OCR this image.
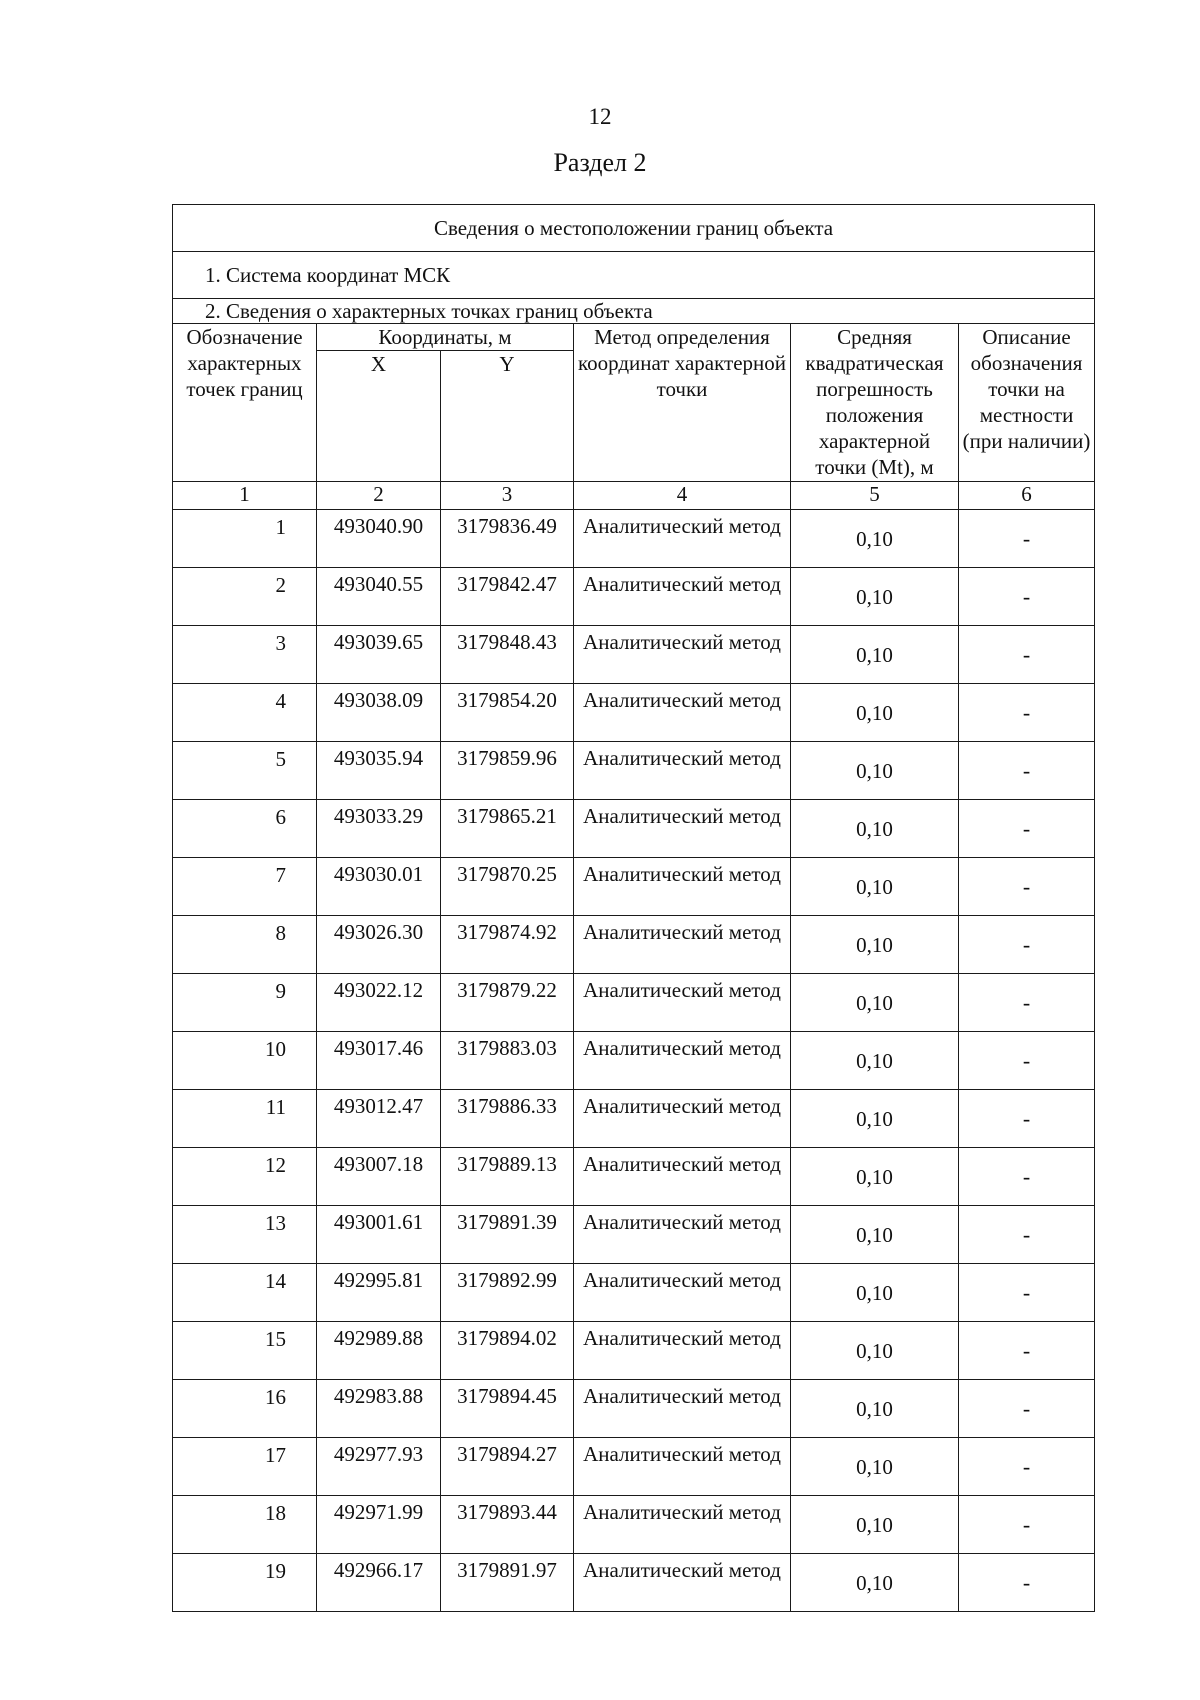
12
Раздел 2
Сведения о местоположении границ объекта					
1. Система координат МСК					
2. Сведения о характерных точках границ объекта					
Обозначение характерных точек границ	Координаты, м		Метод определения координат характерной точки	Средняя квадратическая погрешность положения характерной точки (Mt), м	Описание обозначения точки на местности (при наличии)
	X	Y			
1	2	3	4	5	6
1	493040.90	3179836.49	Аналитический метод	0,10	-
2	493040.55	3179842.47	Аналитический метод	0,10	-
3	493039.65	3179848.43	Аналитический метод	0,10	-
4	493038.09	3179854.20	Аналитический метод	0,10	-
5	493035.94	3179859.96	Аналитический метод	0,10	-
6	493033.29	3179865.21	Аналитический метод	0,10	-
7	493030.01	3179870.25	Аналитический метод	0,10	-
8	493026.30	3179874.92	Аналитический метод	0,10	-
9	493022.12	3179879.22	Аналитический метод	0,10	-
10	493017.46	3179883.03	Аналитический метод	0,10	-
11	493012.47	3179886.33	Аналитический метод	0,10	-
12	493007.18	3179889.13	Аналитический метод	0,10	-
13	493001.61	3179891.39	Аналитический метод	0,10	-
14	492995.81	3179892.99	Аналитический метод	0,10	-
15	492989.88	3179894.02	Аналитический метод	0,10	-
16	492983.88	3179894.45	Аналитический метод	0,10	-
17	492977.93	3179894.27	Аналитический метод	0,10	-
18	492971.99	3179893.44	Аналитический метод	0,10	-
19	492966.17	3179891.97	Аналитический метод	0,10	-
